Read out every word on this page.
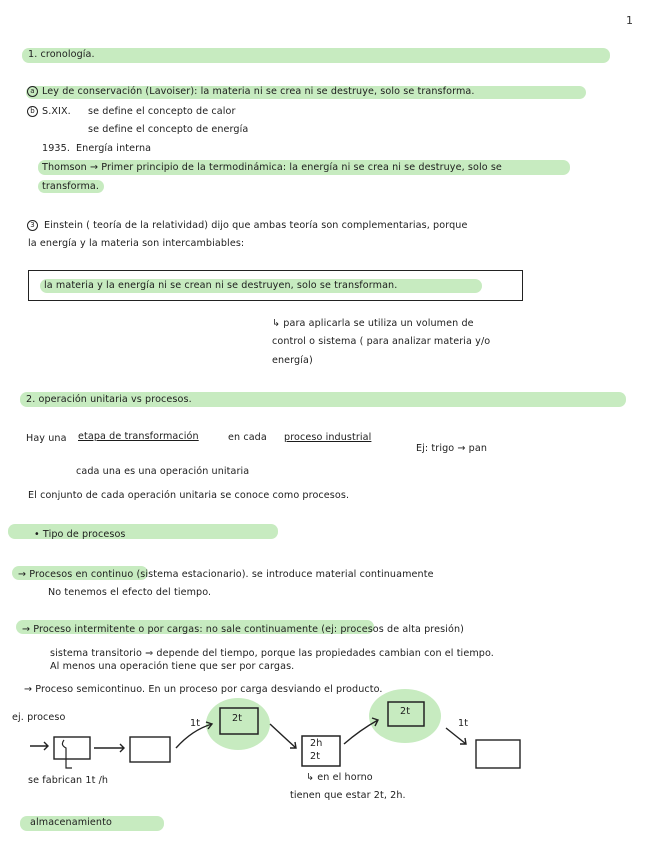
1
1. cronología.
a Ley de conservación (Lavoiser): la materia ni se crea ni se destruye, solo se transforma.
b S.XIX. se define el concepto de calor
se define el concepto de energía
1935. Energía interna
Thomson → Primer principio de la termodinámica: la energía ni se crea ni se destruye, solo se
transforma.
3 Einstein ( teoría de la relatividad) dijo que ambas teoría son complementarias, porque
la energía y la materia son intercambiables:
la materia y la energía ni se crean ni se destruyen, solo se transforman.
↳ para aplicarla se utiliza un volumen de
control o sistema ( para analizar materia y/o
energía)
2. operación unitaria vs procesos.
Hay una etapa de transformación	en cada proceso industrial
Ej: trigo → pan
cada una es una operación unitaria
El conjunto de cada operación unitaria se conoce como procesos.
• Tipo de procesos
→ Procesos en continuo (sistema estacionario). se introduce material continuamente
No tenemos el efecto del tiempo.
→ Proceso intermitente o por cargas: no sale continuamente (ej: procesos de alta presión)
sistema transitorio ⇒ depende del tiempo, porque las propiedades cambian con el tiempo.
Al menos una operación tiene que ser por cargas.
→ Proceso semicontinuo. En un proceso por carga desviando el producto.
ej. proceso
1t	2t
2h
2t
2t
1t
se fabrican 1t /h	↳ en el horno
tienen que estar 2t, 2h.
almacenamiento
